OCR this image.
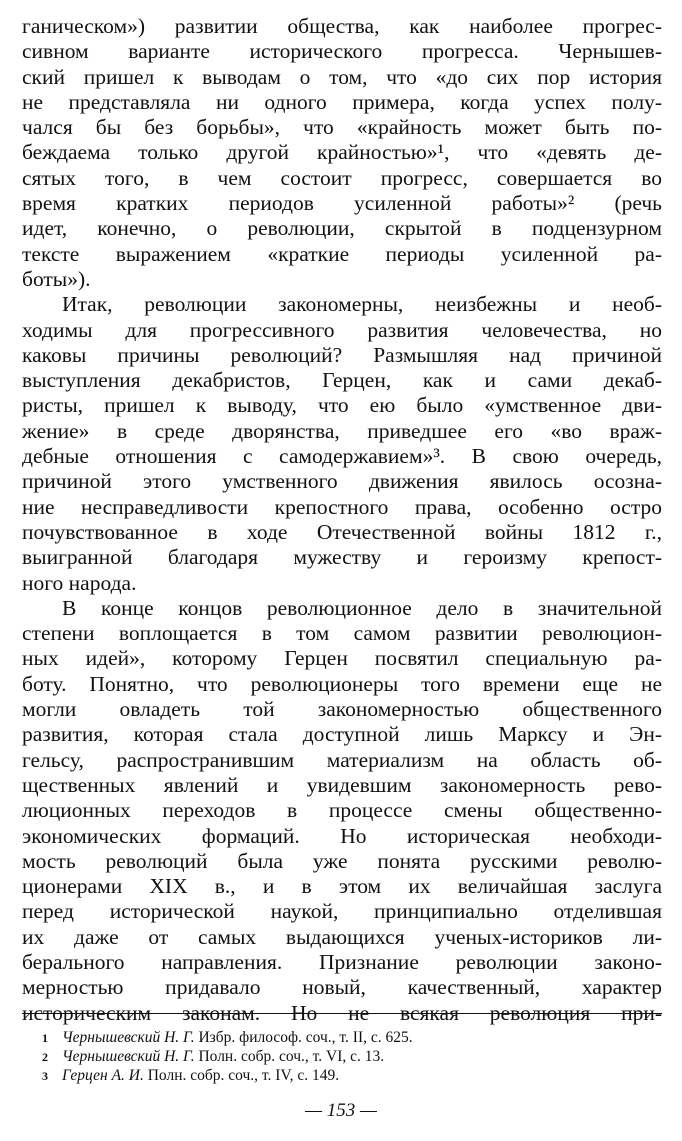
ганическом») развитии общества, как наиболее прогрес-
сивном варианте исторического прогресса. Чернышев-
ский пришел к выводам о том, что «до сих пор история
не представляла ни одного примера, когда успех полу-
чался бы без борьбы», что «крайность может быть по-
беждаема только другой крайностью»¹, что «девять де-
сятых того, в чем состоит прогресс, совершается во
время кратких периодов усиленной работы»² (речь
идет, конечно, о революции, скрытой в подцензурном
тексте выражением «краткие периоды усиленной ра-
боты»).
Итак, революции закономерны, неизбежны и необ-
ходимы для прогрессивного развития человечества, но
каковы причины революций? Размышляя над причиной
выступления декабристов, Герцен, как и сами декаб-
ристы, пришел к выводу, что ею было «умственное дви-
жение» в среде дворянства, приведшее его «во враж-
дебные отношения с самодержавием»³. В свою очередь,
причиной этого умственного движения явилось осозна-
ние несправедливости крепостного права, особенно остро
почувствованное в ходе Отечественной войны 1812 г.,
выигранной благодаря мужеству и героизму крепост-
ного народа.
В конце концов революционное дело в значительной
степени воплощается в том самом развитии революцион-
ных идей», которому Герцен посвятил специальную ра-
боту. Понятно, что революционеры того времени еще не
могли овладеть той закономерностью общественного
развития, которая стала доступной лишь Марксу и Эн-
гельсу, распространившим материализм на область об-
щественных явлений и увидевшим закономерность рево-
люционных переходов в процессе смены общественно-
экономических формаций. Но историческая необходи-
мость революций была уже понята русскими револю-
ционерами XIX в., и в этом их величайшая заслуга
перед исторической наукой, принципиально отделившая
их даже от самых выдающихся ученых-историков ли-
берального направления. Признание революции законо-
мерностью придавало новый, качественный, характер
историческим законам. Но не всякая революция при-
1 Чернышевский Н. Г. Избр. философ. соч., т. II, с. 625.
2 Чернышевский Н. Г. Полн. собр. соч., т. VI, с. 13.
3 Герцен А. И. Полн. собр. соч., т. IV, с. 149.
— 153 —
